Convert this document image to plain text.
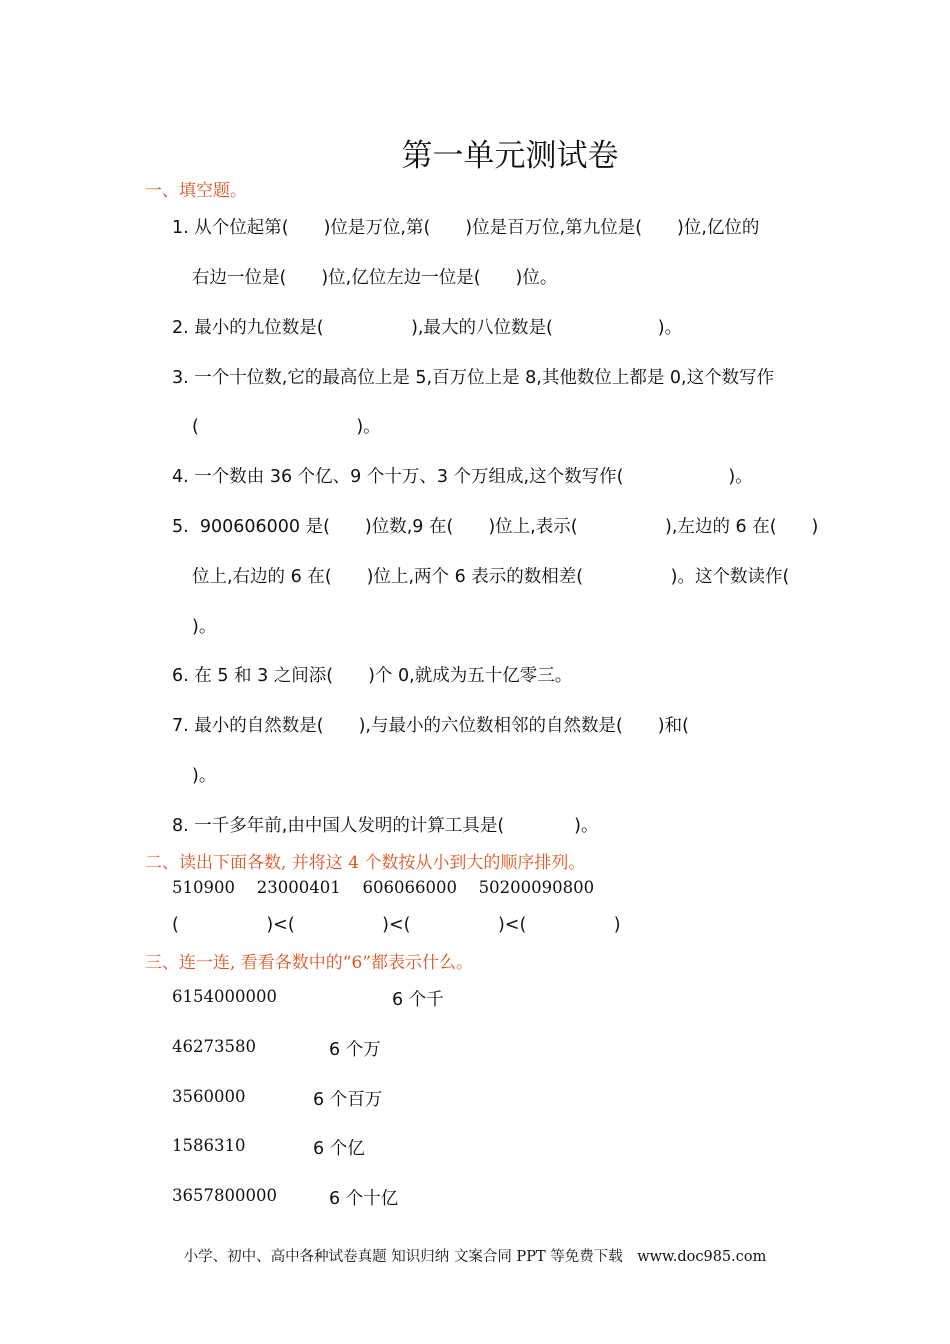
第一单元测试卷
一、填空题。
1. 从个位起第(　　)位是万位,第(　　)位是百万位,第九位是(　　)位,亿位的
右边一位是(　　)位,亿位左边一位是(　　)位。
2. 最小的九位数是(　　　　　),最大的八位数是(　　　　　　)。
3. 一个十位数,它的最高位上是 5,百万位上是 8,其他数位上都是 0,这个数写作
(　　　　　　　　　)。
4. 一个数由 36 个亿、9 个十万、3 个万组成,这个数写作(　　　　　　)。
5.  900606000 是(　　)位数,9 在(　　)位上,表示(　　　　　),左边的 6 在(　　)
位上,右边的 6 在(　　)位上,两个 6 表示的数相差(　　　　　)。这个数读作(
)。
6. 在 5 和 3 之间添(　　)个 0,就成为五十亿零三。
7. 最小的自然数是(　　),与最小的六位数相邻的自然数是(　　)和(
)。
8. 一千多年前,由中国人发明的计算工具是(　　　　)。
二、读出下面各数, 并将这 4 个数按从小到大的顺序排列。
510900　 23000401　 606066000　 50200090800
(　　　　　)<(　　　　　)<(　　　　　)<(　　　　　)
三、连一连, 看看各数中的“6”都表示什么。
6154000000
46273580
3560000
1586310
3657800000
6 个千
6 个万
6 个百万
6 个亿
6 个十亿
小学、初中、高中各种试卷真题 知识归纳 文案合同 PPT 等免费下载　www.doc985.com
